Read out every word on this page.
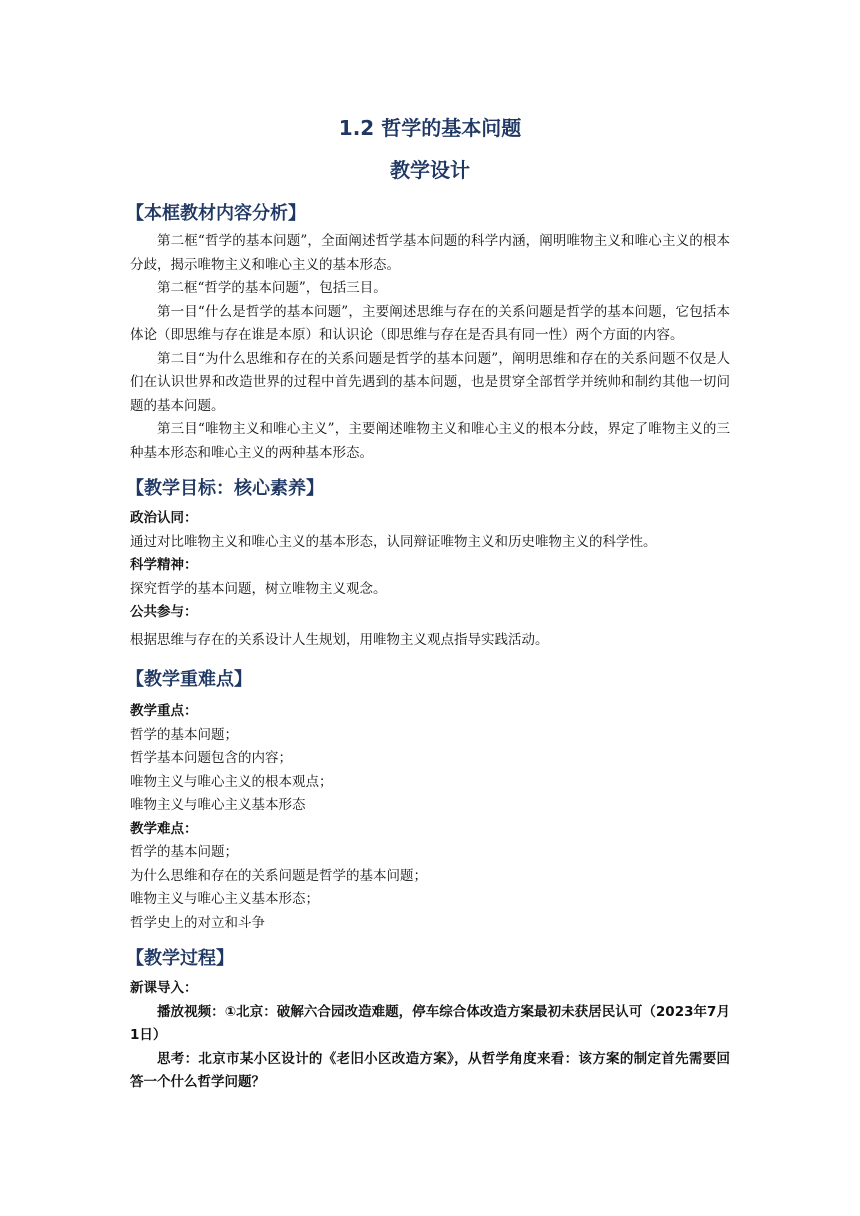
1.2 哲学的基本问题
教学设计
【本框教材内容分析】

第二框“哲学的基本问题”，全面阐述哲学基本问题的科学内涵，阐明唯物主义和唯心主义的根本分歧，揭示唯物主义和唯心主义的基本形态。

第二框“哲学的基本问题”，包括三目。

第一目“什么是哲学的基本问题”，主要阐述思维与存在的关系问题是哲学的基本问题，它包括本体论（即思维与存在谁是本原）和认识论（即思维与存在是否具有同一性）两个方面的内容。

第二目“为什么思维和存在的关系问题是哲学的基本问题”，阐明思维和存在的关系问题不仅是人们在认识世界和改造世界的过程中首先遇到的基本问题，也是贯穿全部哲学并统帅和制约其他一切问题的基本问题。

第三目“唯物主义和唯心主义”，主要阐述唯物主义和唯心主义的根本分歧，界定了唯物主义的三种基本形态和唯心主义的两种基本形态。

【教学目标：核心素养】

政治认同：

通过对比唯物主义和唯心主义的基本形态，认同辩证唯物主义和历史唯物主义的科学性。

科学精神：

探究哲学的基本问题，树立唯物主义观念。

公共参与：

根据思维与存在的关系设计人生规划，用唯物主义观点指导实践活动。

【教学重难点】

教学重点：

哲学的基本问题；

哲学基本问题包含的内容；

唯物主义与唯心主义的根本观点；

唯物主义与唯心主义基本形态

教学难点：

哲学的基本问题；

为什么思维和存在的关系问题是哲学的基本问题；

唯物主义与唯心主义基本形态；

哲学史上的对立和斗争

【教学过程】

新课导入：

播放视频：①北京：破解六合园改造难题，停车综合体改造方案最初未获居民认可（2023年7月1日）

思考：北京市某小区设计的《老旧小区改造方案》，从哲学角度来看：该方案的制定首先需要回答一个什么哲学问题？
